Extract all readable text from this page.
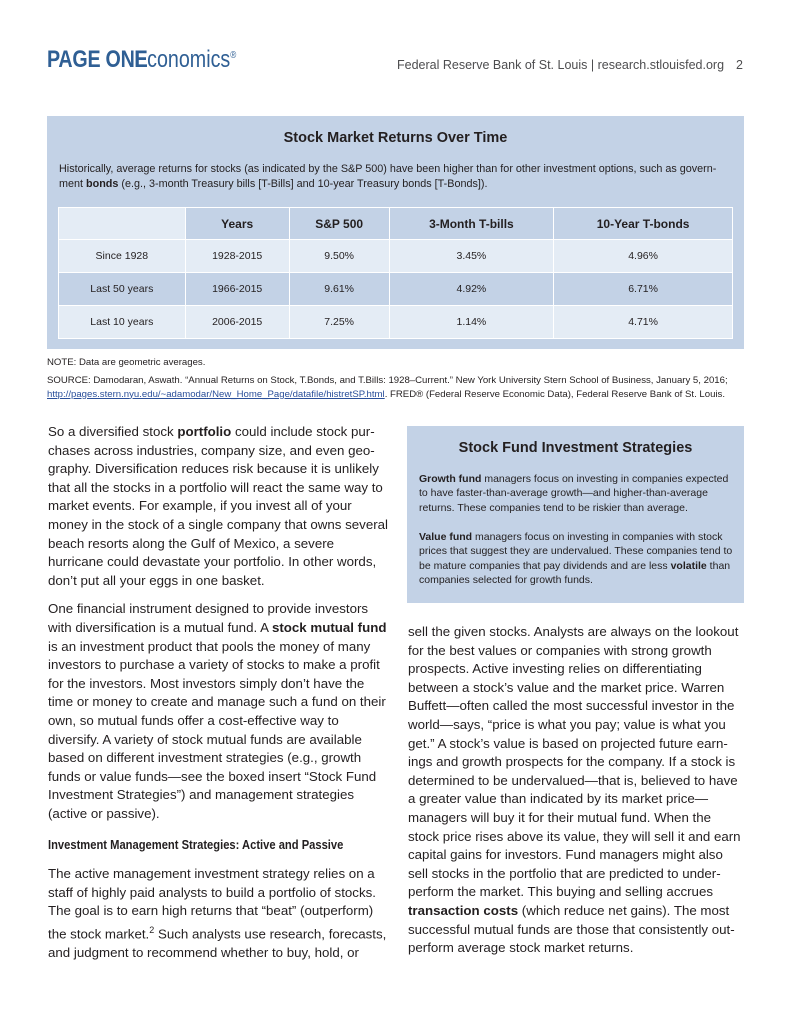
PAGE ONE
Economics®
Federal Reserve Bank of St. Louis | research.stlouisfed.org 2
Stock Market Returns Over Time
Historically, average returns for stocks (as indicated by the S&P 500) have been higher than for other investment options, such as govern-ment bonds (e.g., 3-month Treasury bills [T-Bills] and 10-year Treasury bonds [T-Bonds]).
	Years	S&P 500	3-Month T-bills	10-Year T-bonds
Since 1928	1928-2015	9.50%	3.45%	4.96%
Last 50 years	1966-2015	9.61%	4.92%	6.71%
Last 10 years	2006-2015	7.25%	1.14%	4.71%
NOTE: Data are geometric averages.
SOURCE: Damodaran, Aswath. “Annual Returns on Stock, T.Bonds, and T.Bills: 1928–Current.” New York University Stern School of Business, January 5, 2016;
http://pages.stern.nyu.edu/~adamodar/New_Home_Page/datafile/histretSP.html. FRED® (Federal Reserve Economic Data), Federal Reserve Bank of St. Louis.

So a diversified stock portfolio could include stock pur-chases across industries, company size, and even geo-graphy. Diversification reduces risk because it is unlikely that all the stocks in a portfolio will react the same way to market events. For example, if you invest all of your money in the stock of a single company that owns several beach resorts along the Gulf of Mexico, a severe hurricane could devastate your portfolio. In other words, don’t put all your eggs in one basket.

One financial instrument designed to provide investors with diversification is a mutual fund. A stock mutual fund is an investment product that pools the money of many investors to purchase a variety of stocks to make a profit for the investors. Most investors simply don’t have the time or money to create and manage such a fund on their own, so mutual funds offer a cost-effective way to diversify. A variety of stock mutual funds are available based on different investment strategies (e.g., growth funds or value funds—see the boxed insert “Stock Fund Investment Strategies”) and management strategies (active or passive).

Investment Management Strategies: Active and Passive

The active management investment strategy relies on a staff of highly paid analysts to build a portfolio of stocks. The goal is to earn high returns that “beat” (outperform) the stock market.$^2$ Such analysts use research, forecasts, and judgment to recommend whether to buy, hold, or

Stock Fund Investment Strategies
Growth fund managers focus on investing in companies expected to have faster-than-average growth—and higher-than-average returns. These companies tend to be riskier than average.
Value fund managers focus on investing in companies with stock prices that suggest they are undervalued. These companies tend to be mature companies that pay dividends and are less volatile than companies selected for growth funds.

sell the given stocks. Analysts are always on the lookout for the best values or companies with strong growth prospects. Active investing relies on differentiating between a stock’s value and the market price. Warren Buffett—often called the most successful investor in the world—says, “price is what you pay; value is what you get.” A stock’s value is based on projected future earn-ings and growth prospects for the company. If a stock is determined to be undervalued—that is, believed to have a greater value than indicated by its market price—managers will buy it for their mutual fund. When the stock price rises above its value, they will sell it and earn capital gains for investors. Fund managers might also sell stocks in the portfolio that are predicted to under-perform the market. This buying and selling accrues transaction costs (which reduce net gains). The most successful mutual funds are those that consistently out-perform average stock market returns.
